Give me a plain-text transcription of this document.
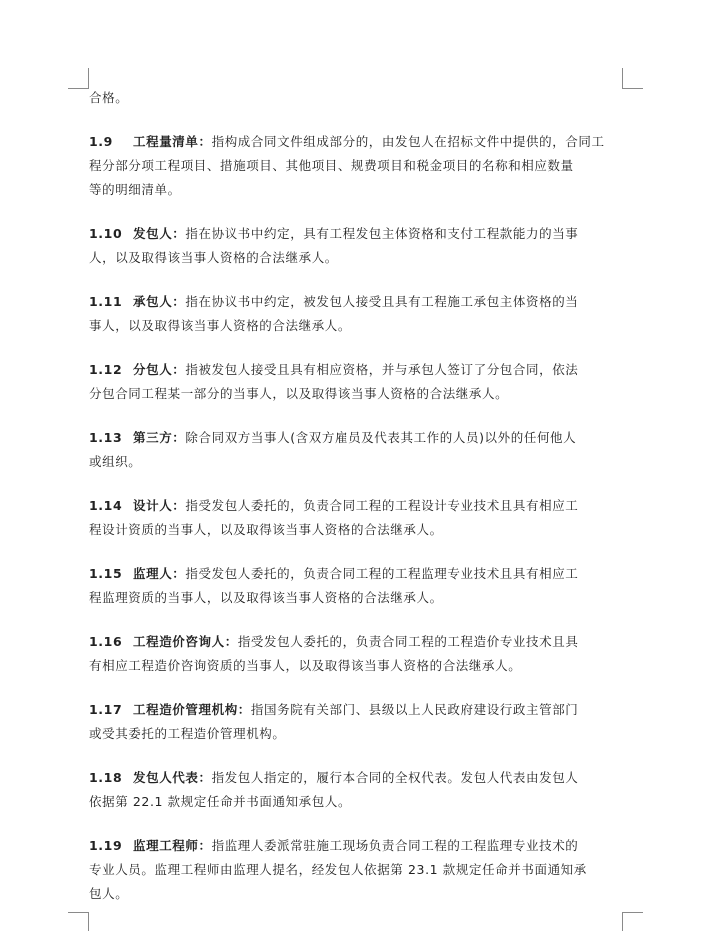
合格。
1.9 工程量清单：指构成合同文件组成部分的，由发包人在招标文件中提供的，合同工
程分部分项工程项目、措施项目、其他项目、规费项目和税金项目的名称和相应数量
等的明细清单。
1.10 发包人：指在协议书中约定，具有工程发包主体资格和支付工程款能力的当事
人，以及取得该当事人资格的合法继承人。
1.11 承包人：指在协议书中约定，被发包人接受且具有工程施工承包主体资格的当
事人，以及取得该当事人资格的合法继承人。
1.12 分包人：指被发包人接受且具有相应资格，并与承包人签订了分包合同，依法
分包合同工程某一部分的当事人，以及取得该当事人资格的合法继承人。
1.13 第三方：除合同双方当事人(含双方雇员及代表其工作的人员)以外的任何他人
或组织。
1.14 设计人：指受发包人委托的，负责合同工程的工程设计专业技术且具有相应工
程设计资质的当事人，以及取得该当事人资格的合法继承人。
1.15 监理人：指受发包人委托的，负责合同工程的工程监理专业技术且具有相应工
程监理资质的当事人，以及取得该当事人资格的合法继承人。
1.16 工程造价咨询人：指受发包人委托的，负责合同工程的工程造价专业技术且具
有相应工程造价咨询资质的当事人，以及取得该当事人资格的合法继承人。
1.17 工程造价管理机构：指国务院有关部门、县级以上人民政府建设行政主管部门
或受其委托的工程造价管理机构。
1.18 发包人代表：指发包人指定的，履行本合同的全权代表。发包人代表由发包人
依据第 22.1 款规定任命并书面通知承包人。
1.19 监理工程师：指监理人委派常驻施工现场负责合同工程的工程监理专业技术的
专业人员。监理工程师由监理人提名，经发包人依据第 23.1 款规定任命并书面通知承
包人。
